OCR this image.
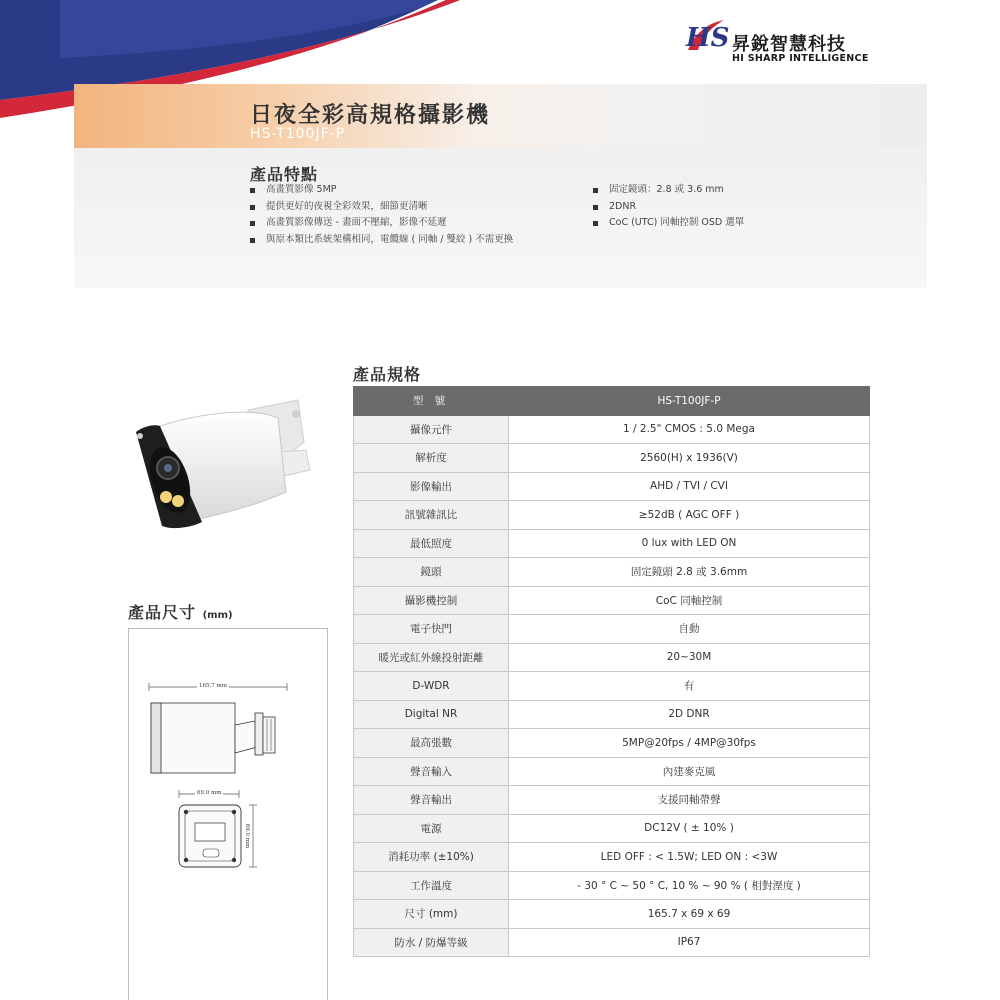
HS 昇銳智慧科技
HI SHARP INTELLIGENCE
日夜全彩高規格攝影機
HS-T100JF-P
產品特點
高畫質影像 5MP
提供更好的夜視全彩效果，細節更清晰
高畫質影像傳送 - 畫面不壓縮，影像不延遲
與原本類比系統架構相同，電纜線 ( 同軸 / 雙絞 ) 不需更換
固定鏡頭：2.8 或 3.6 mm
2DNR
CoC (UTC) 同軸控制 OSD 選單
產品尺寸 (mm)
165.7 mm
69.0 mm
69.0 mm
產品規格
型 號	HS-T100JF-P
攝像元件	1 / 2.5" CMOS : 5.0 Mega
解析度	2560(H) x 1936(V)
影像輸出	AHD / TVI / CVI
訊號雜訊比	≥52dB ( AGC OFF )
最低照度	0 lux with LED ON
鏡頭	固定鏡頭 2.8 或 3.6mm
攝影機控制	CoC 同軸控制
電子快門	自動
暖光或紅外線投射距離	20~30M
D-WDR	有
Digital NR	2D DNR
最高張數	5MP@20fps / 4MP@30fps
聲音輸入	內建麥克風
聲音輸出	支援同軸帶聲
電源	DC12V ( ± 10% )
消耗功率 (±10%)	LED OFF : < 1.5W; LED ON : <3W
工作溫度	- 30 ° C ~ 50 ° C, 10 % ~ 90 % ( 相對溼度 )
尺寸 (mm)	165.7 x 69 x 69
防水 / 防爆等級	IP67
